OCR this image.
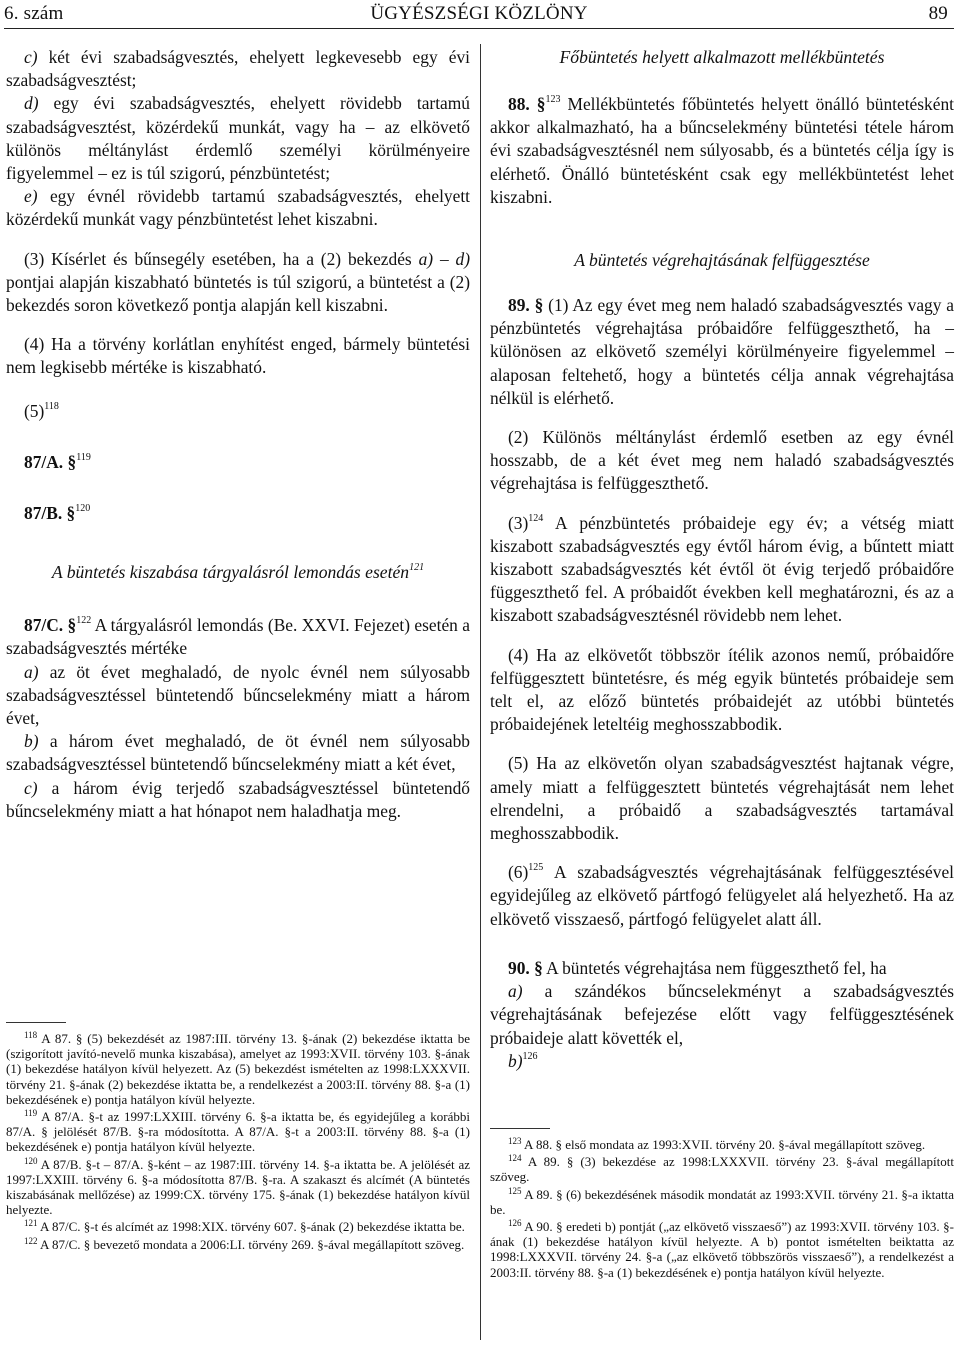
ÜGYÉSZSÉGI KÖZLÖNY
6. szám	89

c) két évi szabadságvesztés, ehelyett legkevesebb egy évi szabadságvesztést;

d) egy évi szabadságvesztés, ehelyett rövidebb tartamú szabadságvesztést, közérdekű munkát, vagy ha – az elkövető különös méltánylást érdemlő személyi körülményeire figyelemmel – ez is túl szigorú, pénzbüntetést;

e) egy évnél rövidebb tartamú szabadságvesztés, ehelyett közérdekű munkát vagy pénzbüntetést lehet kiszabni.

(3) Kísérlet és bűnsegély esetében, ha a (2) bekezdés a) – d) pontjai alapján kiszabható büntetés is túl szigorú, a büntetést a (2) bekezdés soron következő pontja alapján kell kiszabni.

(4) Ha a törvény korlátlan enyhítést enged, bármely büntetési nem legkisebb mértéke is kiszabható.

$(5)^{118}$

87/A. §$^{119}$

87/B. §$^{120}$

A büntetés kiszabása tárgyalásról lemondás esetén$^{121}$

87/C. §$^{122}$ A tárgyalásról lemondás (Be. XXVI. Fejezet) esetén a szabadságvesztés mértéke

a) az öt évet meghaladó, de nyolc évnél nem súlyosabb szabadságvesztéssel büntetendő bűncselekmény miatt a három évet,

b) a három évet meghaladó, de öt évnél nem súlyosabb szabadságvesztéssel büntetendő bűncselekmény miatt a két évet,

c) a három évig terjedő szabadságvesztéssel büntetendő bűncselekmény miatt a hat hónapot nem haladhatja meg.

$^{118}$ A 87. § (5) bekezdését az 1987:III. törvény 13. §-ának (2) bekezdése iktatta be (szigorított javító-nevelő munka kiszabása), amelyet az 1993:XVII. törvény 103. §-ának (1) bekezdése hatályon kívül helyezett. Az (5) bekezdést ismételten az 1998:LXXXVII. törvény 21. §-ának (2) bekezdése iktatta be, a rendelkezést a 2003:II. törvény 88. §-a (1) bekezdésének e) pontja hatályon kívül helyezte.

$^{119}$ A 87/A. §-t az 1997:LXXIII. törvény 6. §-a iktatta be, és egyidejűleg a korábbi 87/A. § jelölését 87/B. §-ra módosította. A 87/A. §-t a 2003:II. törvény 88. §-a (1) bekezdésének e) pontja hatályon kívül helyezte.

$^{120}$ A 87/B. §-t – 87/A. §-ként – az 1987:III. törvény 14. §-a iktatta be. A jelölését az 1997:LXXIII. törvény 6. §-a módosította 87/B. §-ra. A szakaszt és alcímét (A büntetés kiszabásának mellőzése) az 1999:CX. törvény 175. §-ának (1) bekezdése hatályon kívül helyezte.

$^{121}$ A 87/C. §-t és alcímét az 1998:XIX. törvény 607. §-ának (2) bekezdése iktatta be.

$^{122}$ A 87/C. § bevezető mondata a 2006:LI. törvény 269. §-ával megállapított szöveg.

Főbüntetés helyett alkalmazott mellékbüntetés

88. §$^{123}$ Mellékbüntetés főbüntetés helyett önálló büntetésként akkor alkalmazható, ha a bűncselekmény büntetési tétele három évi szabadságvesztésnél nem súlyosabb, és a büntetés célja így is elérhető. Önálló büntetésként csak egy mellékbüntetést lehet kiszabni.

A büntetés végrehajtásának felfüggesztése

89. § (1) Az egy évet meg nem haladó szabadságvesztés vagy a pénzbüntetés végrehajtása próbaidőre felfüggeszthető, ha – különösen az elkövető személyi körülményeire figyelemmel – alaposan feltehető, hogy a büntetés célja annak végrehajtása nélkül is elérhető.

(2) Különös méltánylást érdemlő esetben az egy évnél hosszabb, de a két évet meg nem haladó szabadságvesztés végrehajtása is felfüggeszthető.

$(3)^{124}$ A pénzbüntetés próbaideje egy év; a vétség miatt kiszabott szabadságvesztés egy évtől három évig, a bűntett miatt kiszabott szabadságvesztés két évtől öt évig terjedő próbaidőre függeszthető fel. A próbaidőt években kell meghatározni, és az a kiszabott szabadságvesztésnél rövidebb nem lehet.

(4) Ha az elkövetőt többször ítélik azonos nemű, próbaidőre felfüggesztett büntetésre, és még egyik büntetés próbaideje sem telt el, az előző büntetés próbaidejét az utóbbi büntetés próbaidejének leteltéig meghosszabbodik.

(5) Ha az elkövetőn olyan szabadságvesztést hajtanak végre, amely miatt a felfüggesztett büntetés végrehajtását nem lehet elrendelni, a próbaidő a szabadságvesztés tartamával meghosszabbodik.

$(6)^{125}$ A szabadságvesztés végrehajtásának felfüggesztésével egyidejűleg az elkövető pártfogó felügyelet alá helyezhető. Ha az elkövető visszaeső, pártfogó felügyelet alatt áll.

90. § A büntetés végrehajtása nem függeszthető fel, ha

a) a szándékos bűncselekményt a szabadságvesztés végrehajtásának befejezése előtt vagy felfüggesztésének próbaideje alatt követték el,

b)$^{126}$

$^{123}$ A 88. § első mondata az 1993:XVII. törvény 20. §-ával megállapított szöveg.

$^{124}$ A 89. § (3) bekezdése az 1998:LXXXVII. törvény 23. §-ával megállapított szöveg.

$^{125}$ A 89. § (6) bekezdésének második mondatát az 1993:XVII. törvény 21. §-a iktatta be.

$^{126}$ A 90. § eredeti b) pontját („az elkövető visszaeső”) az 1993:XVII. törvény 103. §-ának (1) bekezdése hatályon kívül helyezte. A b) pontot ismételten beiktatta az 1998:LXXXVII. törvény 24. §-a („az elkövető többszörös visszaeső”), a rendelkezést a 2003:II. törvény 88. §-a (1) bekezdésének e) pontja hatályon kívül helyezte.
